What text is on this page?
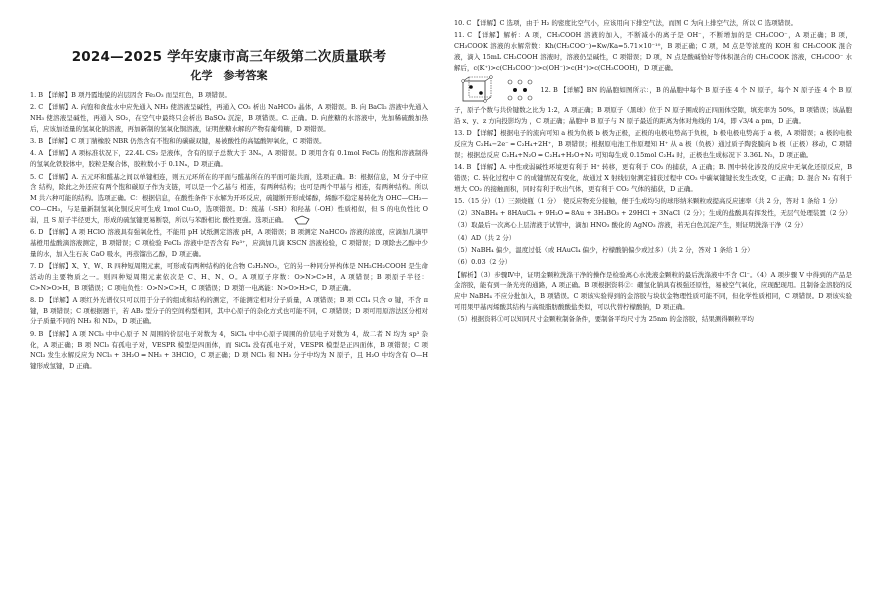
2024—2025 学年安康市高三年级第二次质量联考
化学　参考答案
1. B 【详解】B 项丹霞地貌的岩层因含 Fe₂O₃ 而呈红色，B 项错误。
2. C 【详解】A. 向饱和食盐水中应先通入 NH₃ 使溶液呈碱性，再通入 CO₂ 析出 NaHCO₃ 晶体，A 项错误。B. 向 BaCl₂ 溶液中先通入 NH₃ 使溶液呈碱性，再通入 SO₂，在空气中最终只会析出 BaSO₄ 沉淀，B 项错误。C. 正确。D. 向蔗糖的水溶液中，先加稀硫酸加热后，应该加适量的氢氧化钠溶液，再加新制的氢氧化铜溶液，证明蔗糖水解的产物有葡萄糖，D 项错误。
3. B 【详解】C 项丁腈橡胶 NBR 仍然含有不饱和的碳碳双键，易被酸性的高锰酸钾氧化，C 项错误。
4. A 【详解】A 项标准状况下，22.4L CS₂ 是液体，含有的原子总数大于 3Nₐ，A 项错误。D 项用含有 0.1mol FeCl₃ 的饱和溶液制得的氢氧化铁胶体中，胶粒是聚合体，胶粒数小于 0.1Nₐ，D 项正确。
5. C 【详解】A. 五元环和醛基之间以单键相连，则五元环所在的平面与醛基所在的平面可能共面，选项正确。B：根据信息，M 分子中应含 结构，除此之外还应有两个饱和碳原子作为支链，可以是一个乙基与 相连，有两种结构；也可是两个甲基与 相连，有两种结构。所以 M 共六种可能的结构。选项正确。C：根据信息，在酸性条件下水解为开环反应，硫键断开形成烯醇，烯醇不稳定易转化为 OHC—CH₂—CO—CH₃，与足量新制氢氧化铜反应可生成 1mol Cu₂O，选项错误。D：巯基（-SH）和羟基（-OH）性质相似，但 S 的电负性比 O 弱，且 S 原子半径更大，形成的硫氢键更易断裂，所以与苯酚相比 酸性更强。选项正确。
6. D 【详解】A 项 HClO 溶液具有强氧化性，不能用 pH 试纸测定溶液 pH，A 项错误；B 项测定 NaHCO₃ 溶液的浓度，应滴加几滴甲基橙用盐酸滴溶液测定，B 项错误；C 项检验 FeCl₂ 溶液中是否含有 Fe³⁺，应滴加几滴 KSCN 溶液检验，C 项错误；D 项除去乙醇中少量的水，加入生石灰 CaO 吸水，再蒸馏出乙醇，D 项正确。
7. D 【详解】X、Y、W、R 四种短周期元素，可形成有两种结构的化合物 C₂H₂NO₂，它的另一种同分异构体是 NH₂CH₂COOH 是生命活动的主要物质之一。则四种短周期元素依次是 C、H、N、O。A 项原子序数：O>N>C>H，A 项错误；B 项原子半径：C>N>O>H，B 项错误；C 项电负性：O>N>C>H，C 项错误；D 项第一电离能：N>O>H>C，D 项正确。
8. D 【详解】A 项红外光谱仪只可以用于分子的组成和结构的测定，不能测定相对分子质量，A 项错误；B 项 CCl₄ 只含 σ 键，不含 π 键，B 项错误；C 项根据题干，若 AB₂ 型分子的空间构型相同，其中心原子的杂化方式也可能不同，C 项错误；D 项可用原溶法区分相对分子质量不同的 NH₃ 和 ND₃，D 项正确。
9. B 【详解】A 项 NCl₃ 中中心原子 N 周围的价层电子对数为 4，SiCl₄ 中中心原子周围的价层电子对数为 4，故二者 N 均为 sp³ 杂化，A 项正确；B 项 NCl₃ 有孤电子对，VESPR 模型是四面体，而 SiCl₄ 没有孤电子对，VESPR 模型是正四面体，B 项错误；C 项 NCl₃ 发生水解反应为 NCl₃ + 3H₂O ═ NH₃ + 3HClO，C 项正确；D 项 NCl₃ 和 NH₃ 分子中均为 N 原子，且 H₂O 中均含有 O—H 键形成氢键，D 正确。
10. C 【详解】C 选项，由于 H₂ 的密度比空气小，应该用向下排空气法，而图 C 为向上排空气法，所以 C 选项错误。
11. C 【详解】解析：A 项，CH₃COOH 溶液的加入，不断减小的离子是 OH⁻，不断增加的是 CH₃COO⁻，A 项正确；B 项，CH₃COOK 溶液的水解常数：Kh(CH₃COO⁻)=Kw/Ka=5.71×10⁻¹⁰，B 项正确；C 项，M 点是等浓度的 KOH 和 CH₃COOK 混合液，滴入 15mL CH₃COOH 溶液时，溶液仍呈碱性，C 项错误；D 项，N 点是酸碱恰好等体积混合的 CH₃COOK 溶液，CH₃COO⁻ 水解后，c(K⁺)>c(CH₃COO⁻)>c(OH⁻)>c(H⁺)>c(CH₃COOH)，D 项正确。
12. B 【详解】BN 的晶胞如图所示：，B 的晶胞中每个 B 原子连 4 个 N 原子，每个 N 原子连 4 个 B 原子，原子个数与共价键数之比为 1:2，A 项正确；B 项原子（黑球）位于 N 原子围成的正四面体空隙，填充率为 50%，B 项错误；该晶胞沿 x、y、z 方向投影均为 ，C 项正确；晶胞中 B 原子与 N 原子最近的距离为体对角线的 1/4，即 √3/4 a pm，D 正确。
13. D 【详解】根据电子的流向可知 a 极为负极 b 极为正极，正极的电极电势高于负极，b 极电极电势高于 a 极，A 项错误；a 极的电极反应为 C₂H₄−2e⁻ ═ C₂H₄+2H⁺，B 项错误；根据原电池工作原理知 H⁺ 从 a 极（负极）通过质子陶瓷膜向 b 极（正极）移动，C 项错误；根据总反应 C₂H₄+N₂O ═ C₂H₄+H₂O+N₂ 可知每生成 0.15mol C₂H₄ 时，正极也生成标况下 3.36L N₂，D 项正确。
14. B 【详解】A. 中性或弱碱性环境更有利于 H⁺ 转移，更有利于 CO₂ 的捕获，A 正确；B. 图中转化涉及的反应中无氧化还原反应，B 错误；C. 转化过程中 C 的成键情况有变化，故通过 X 射线衍射测定捕获过程中 CO₂ 中碳氧键键长发生改变，C 正确；D. 混合 N₂ 有利于增大 CO₂ 的接触面积，同时有利于吹出气体，更有利于 CO₂ 气体的捕获，D 正确。
15.（15 分）（1）三颈烧瓶（1 分）　使反应物充分接触，便于生成均匀的球形纳米颗粒或提高反应速率（共 2 分，答对 1 条给 1 分）
（2）3NaBH₄ + 8HAuCl₄ + 9H₂O ═ 8Au + 3H₃BO₃ + 29HCl + 3NaCl（2 分）；生成的盐酸具有挥发性，无层气处理装置（2 分）
（3）取最后一次离心上层清液于试管中，滴加 HNO₃ 酸化的 AgNO₃ 溶液，若无白色沉淀产生，则证明洗涤干净（2 分）
（4）AD（共 2 分）
（5）NaBH₄ 偏少，温度过低（或 HAuCl₄ 偏少，柠檬酸钠偏少或过多）（共 2 分，答对 1 条给 1 分）
（6）0.03（2 分）
【解析】（3）步骤Ⅳ中，证明金颗粒洗涤干净的操作是检验离心水洗液金颗粒的最后洗涤液中不含 Cl⁻。（4）A 项步骤 V 中得到的产品是金溶胶，能有到一条光亮的通路，A 项正确。B 项根据资料②：硼氢化钠具有极强还原性，易被空气氧化，应现配现用。且制备金溶胶的反应中 NaBH₄ 不应分批加入，B 项错误。C 项该实验得到的金溶胶与块状金物理性质可能不同，但化学性质相同，C 项错误。D 项该实验可用果甲基丙烯酸其结构与高级脂肪酸酸盐类似，可以代替柠檬酸钠，D 项正确。
（5）根据资料①可以知同尺寸金颗粒制备条件，要制备平均尺寸为 25nm 的金溶胶，结果测得颗粒平均
